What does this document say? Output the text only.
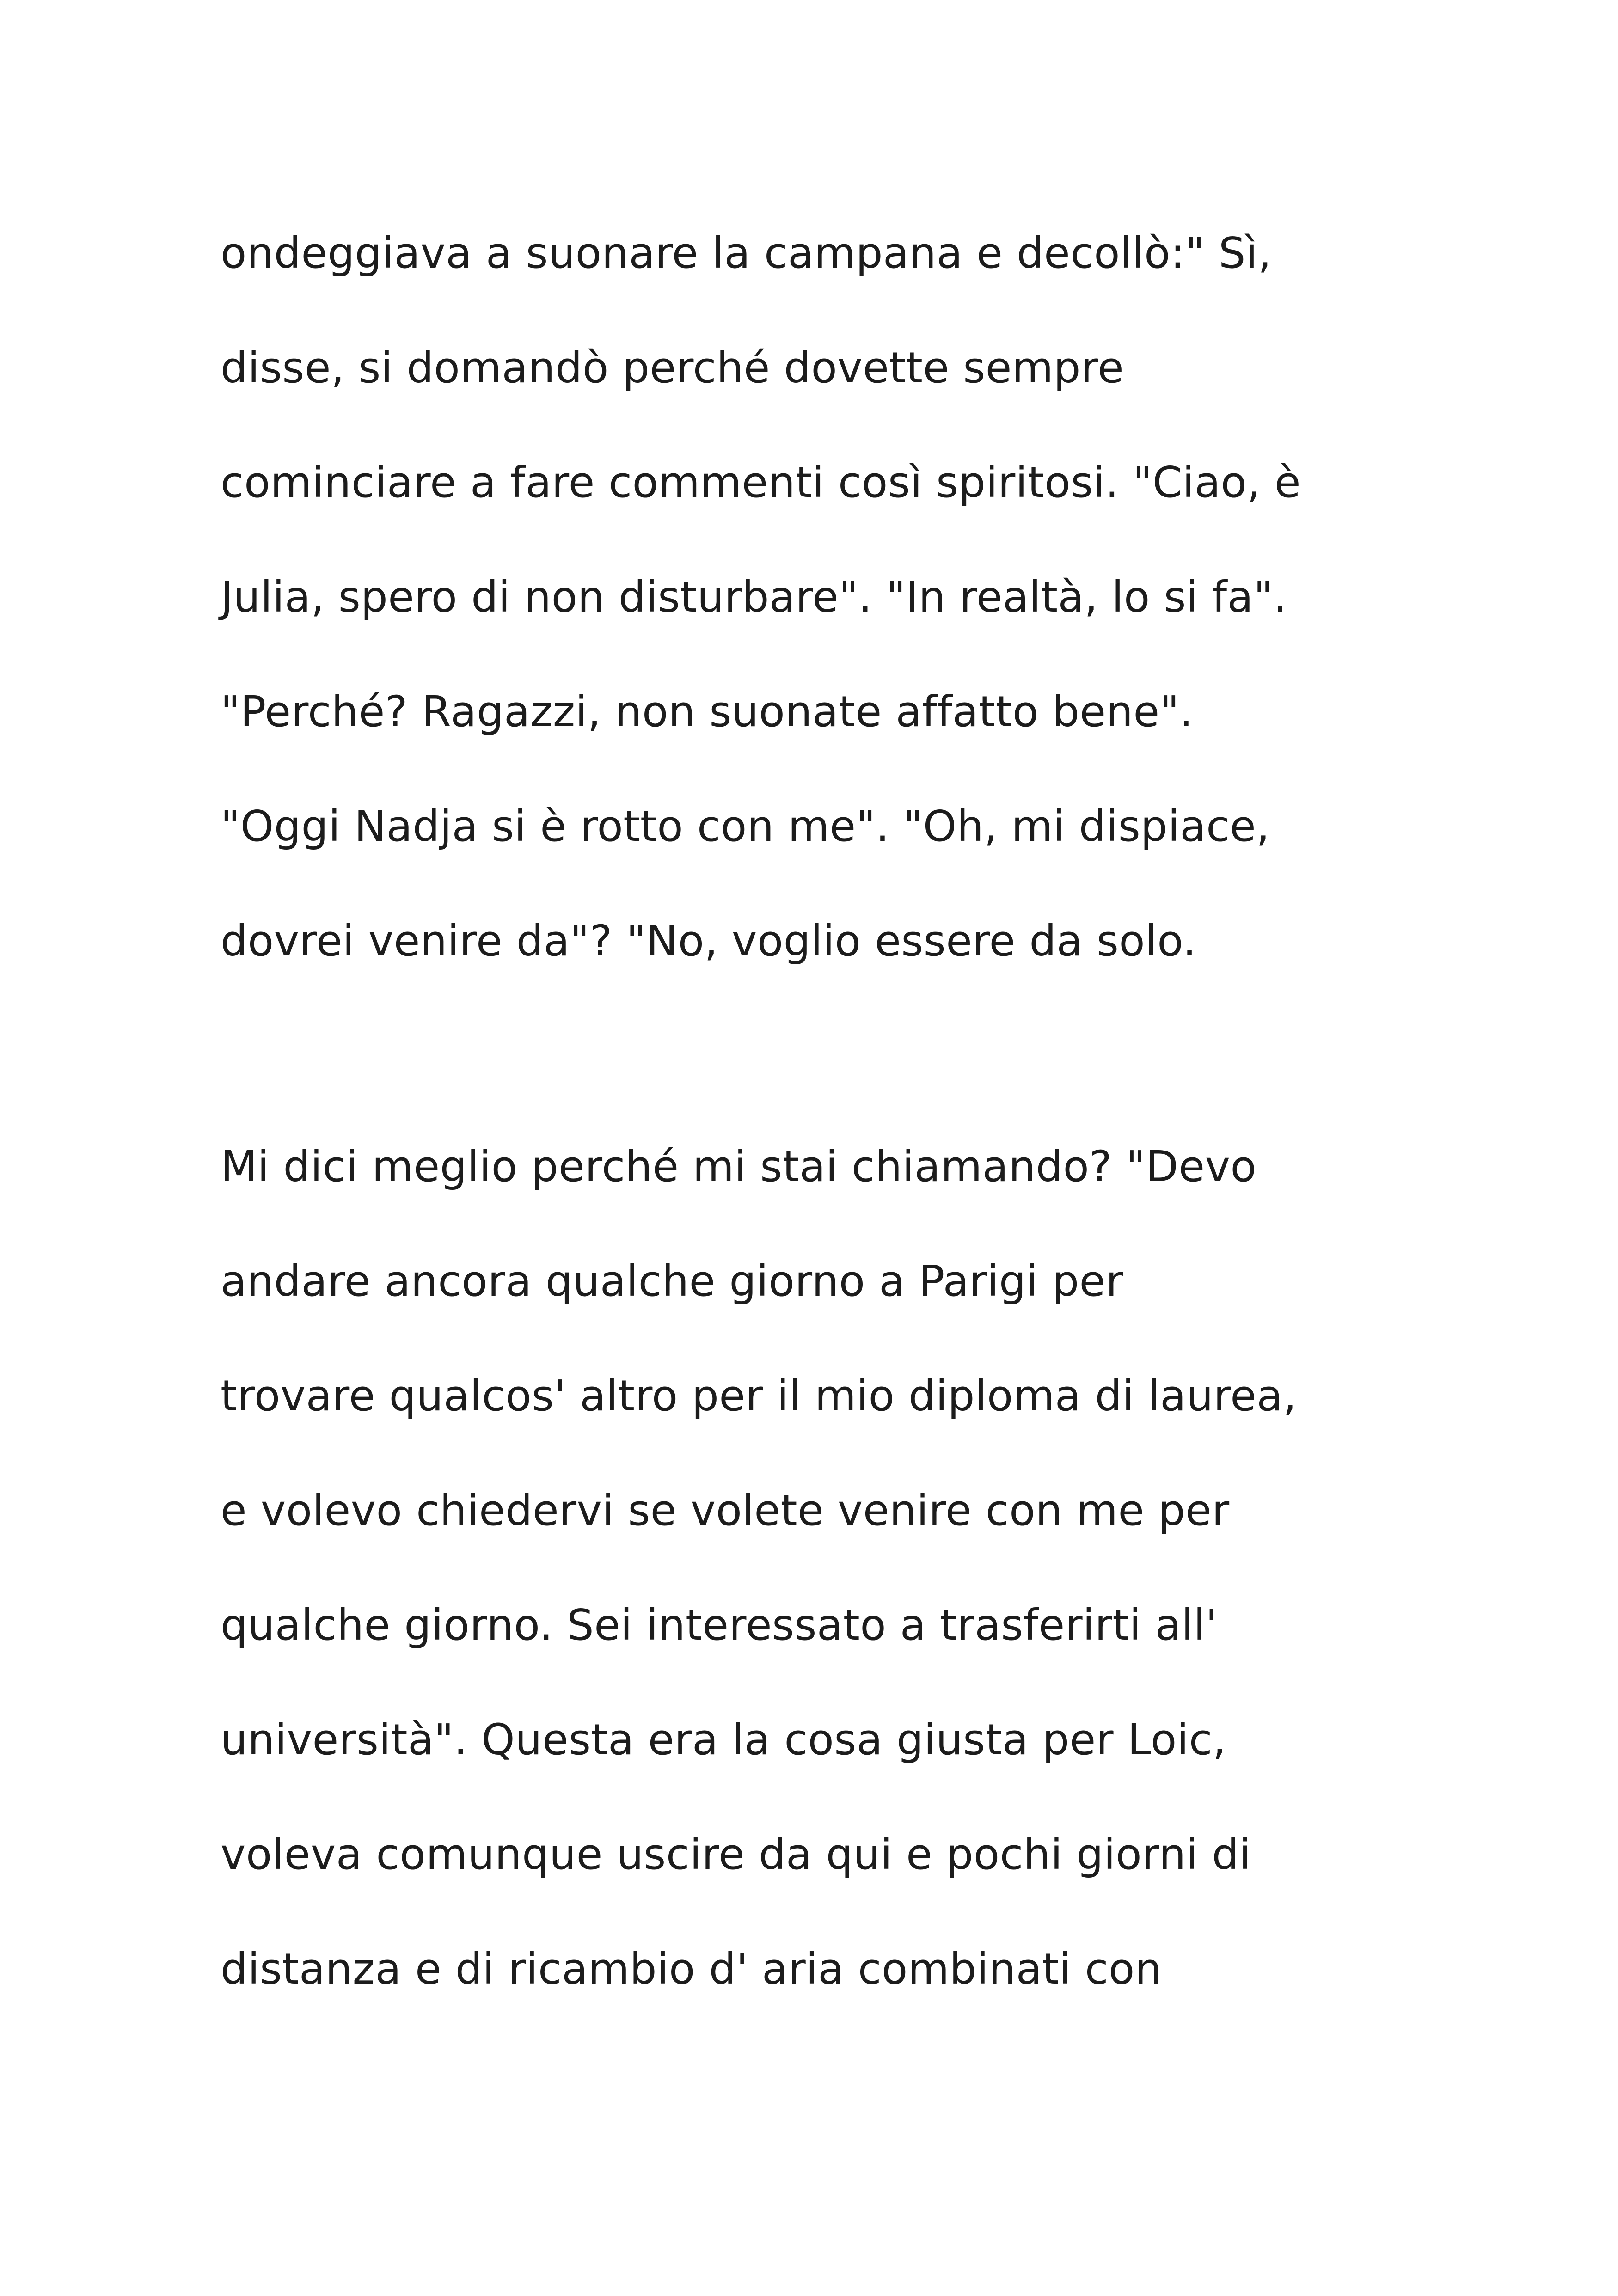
ondeggiava a suonare la campana e decollò:" Sì,
disse, si domandò perché dovette sempre
cominciare a fare commenti così spiritosi. "Ciao, è
Julia, spero di non disturbare". "In realtà, lo si fa".
"Perché? Ragazzi, non suonate affatto bene".
"Oggi Nadja si è rotto con me". "Oh, mi dispiace,
dovrei venire da"? "No, voglio essere da solo.
Mi dici meglio perché mi stai chiamando? "Devo
andare ancora qualche giorno a Parigi per
trovare qualcos' altro per il mio diploma di laurea,
e volevo chiedervi se volete venire con me per
qualche giorno. Sei interessato a trasferirti all'
università". Questa era la cosa giusta per Loic,
voleva comunque uscire da qui e pochi giorni di
distanza e di ricambio d' aria combinati con
